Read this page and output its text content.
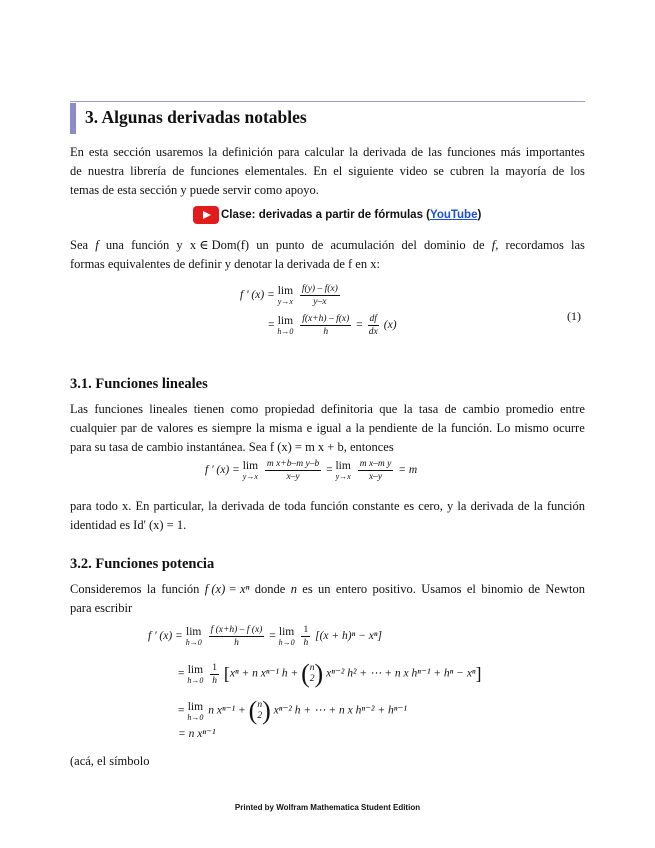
3. Algunas derivadas notables
En esta sección usaremos la definición para calcular la derivada de las funciones más importantes
de nuestra librería de funciones elementales. En el siguiente video se cubren la mayoría de los
temas de esta sección y puede servir como apoyo.
Clase: derivadas a partir de fórmulas ( YouTube )
Sea f una función y x ∈ Dom(f) un punto de acumulación del dominio de f, recordamos las
formas equivalentes de definir y denotar la derivada de f en x:
f ' (x) = lim
y→x
$\frac{f(y) - f(x)}{y-x}$
= lim
h→0
$\frac{f(x+h) - f(x)}{h} = \frac{df}{dx} (x)$
(1)
3.1. Funciones lineales
Las funciones lineales tienen como propiedad definitoria que la tasa de cambio promedio entre
cualquier par de valores es siempre la misma e igual a la pendiente de la función. Lo mismo ocurre
para su tasa de cambio instantánea. Sea f (x) = m x + b, entonces
f ' (x) = lim
y→x
$\frac{\text{m x+b–m y–b}}{x-y} = \lim$
y→x
$\frac{\text{m x–m y}}{x-y} = m$
para todo x. En particular, la derivada de toda función constante es cero, y la derivada de la función
identidad es Id' (x) = 1.
3.2. Funciones potencia
Consideremos la función f (x) = xⁿ donde n es un entero positivo. Usamos el binomio de Newton
para escribir
f ' (x) = lim
h→0
$\frac{f (x+h) - f (x)}{h} = \lim$
h→0
$\frac{1}{h} [(x + h)^n - x^n]$
= lim
h→0
$\frac{1}{h} [x^n + n$ xⁿ⁻¹ h + ( n
2 ) xⁿ⁻² h² + ⋯ + n x hⁿ⁻¹ + hⁿ − xⁿ]
= lim
h→0
n xⁿ⁻¹ + ( n
2 ) xⁿ⁻² h + ⋯ + n x hⁿ⁻² + hⁿ⁻¹
= n xⁿ⁻¹
(acá, el símbolo
Printed by Wolfram Mathematica Student Edition
